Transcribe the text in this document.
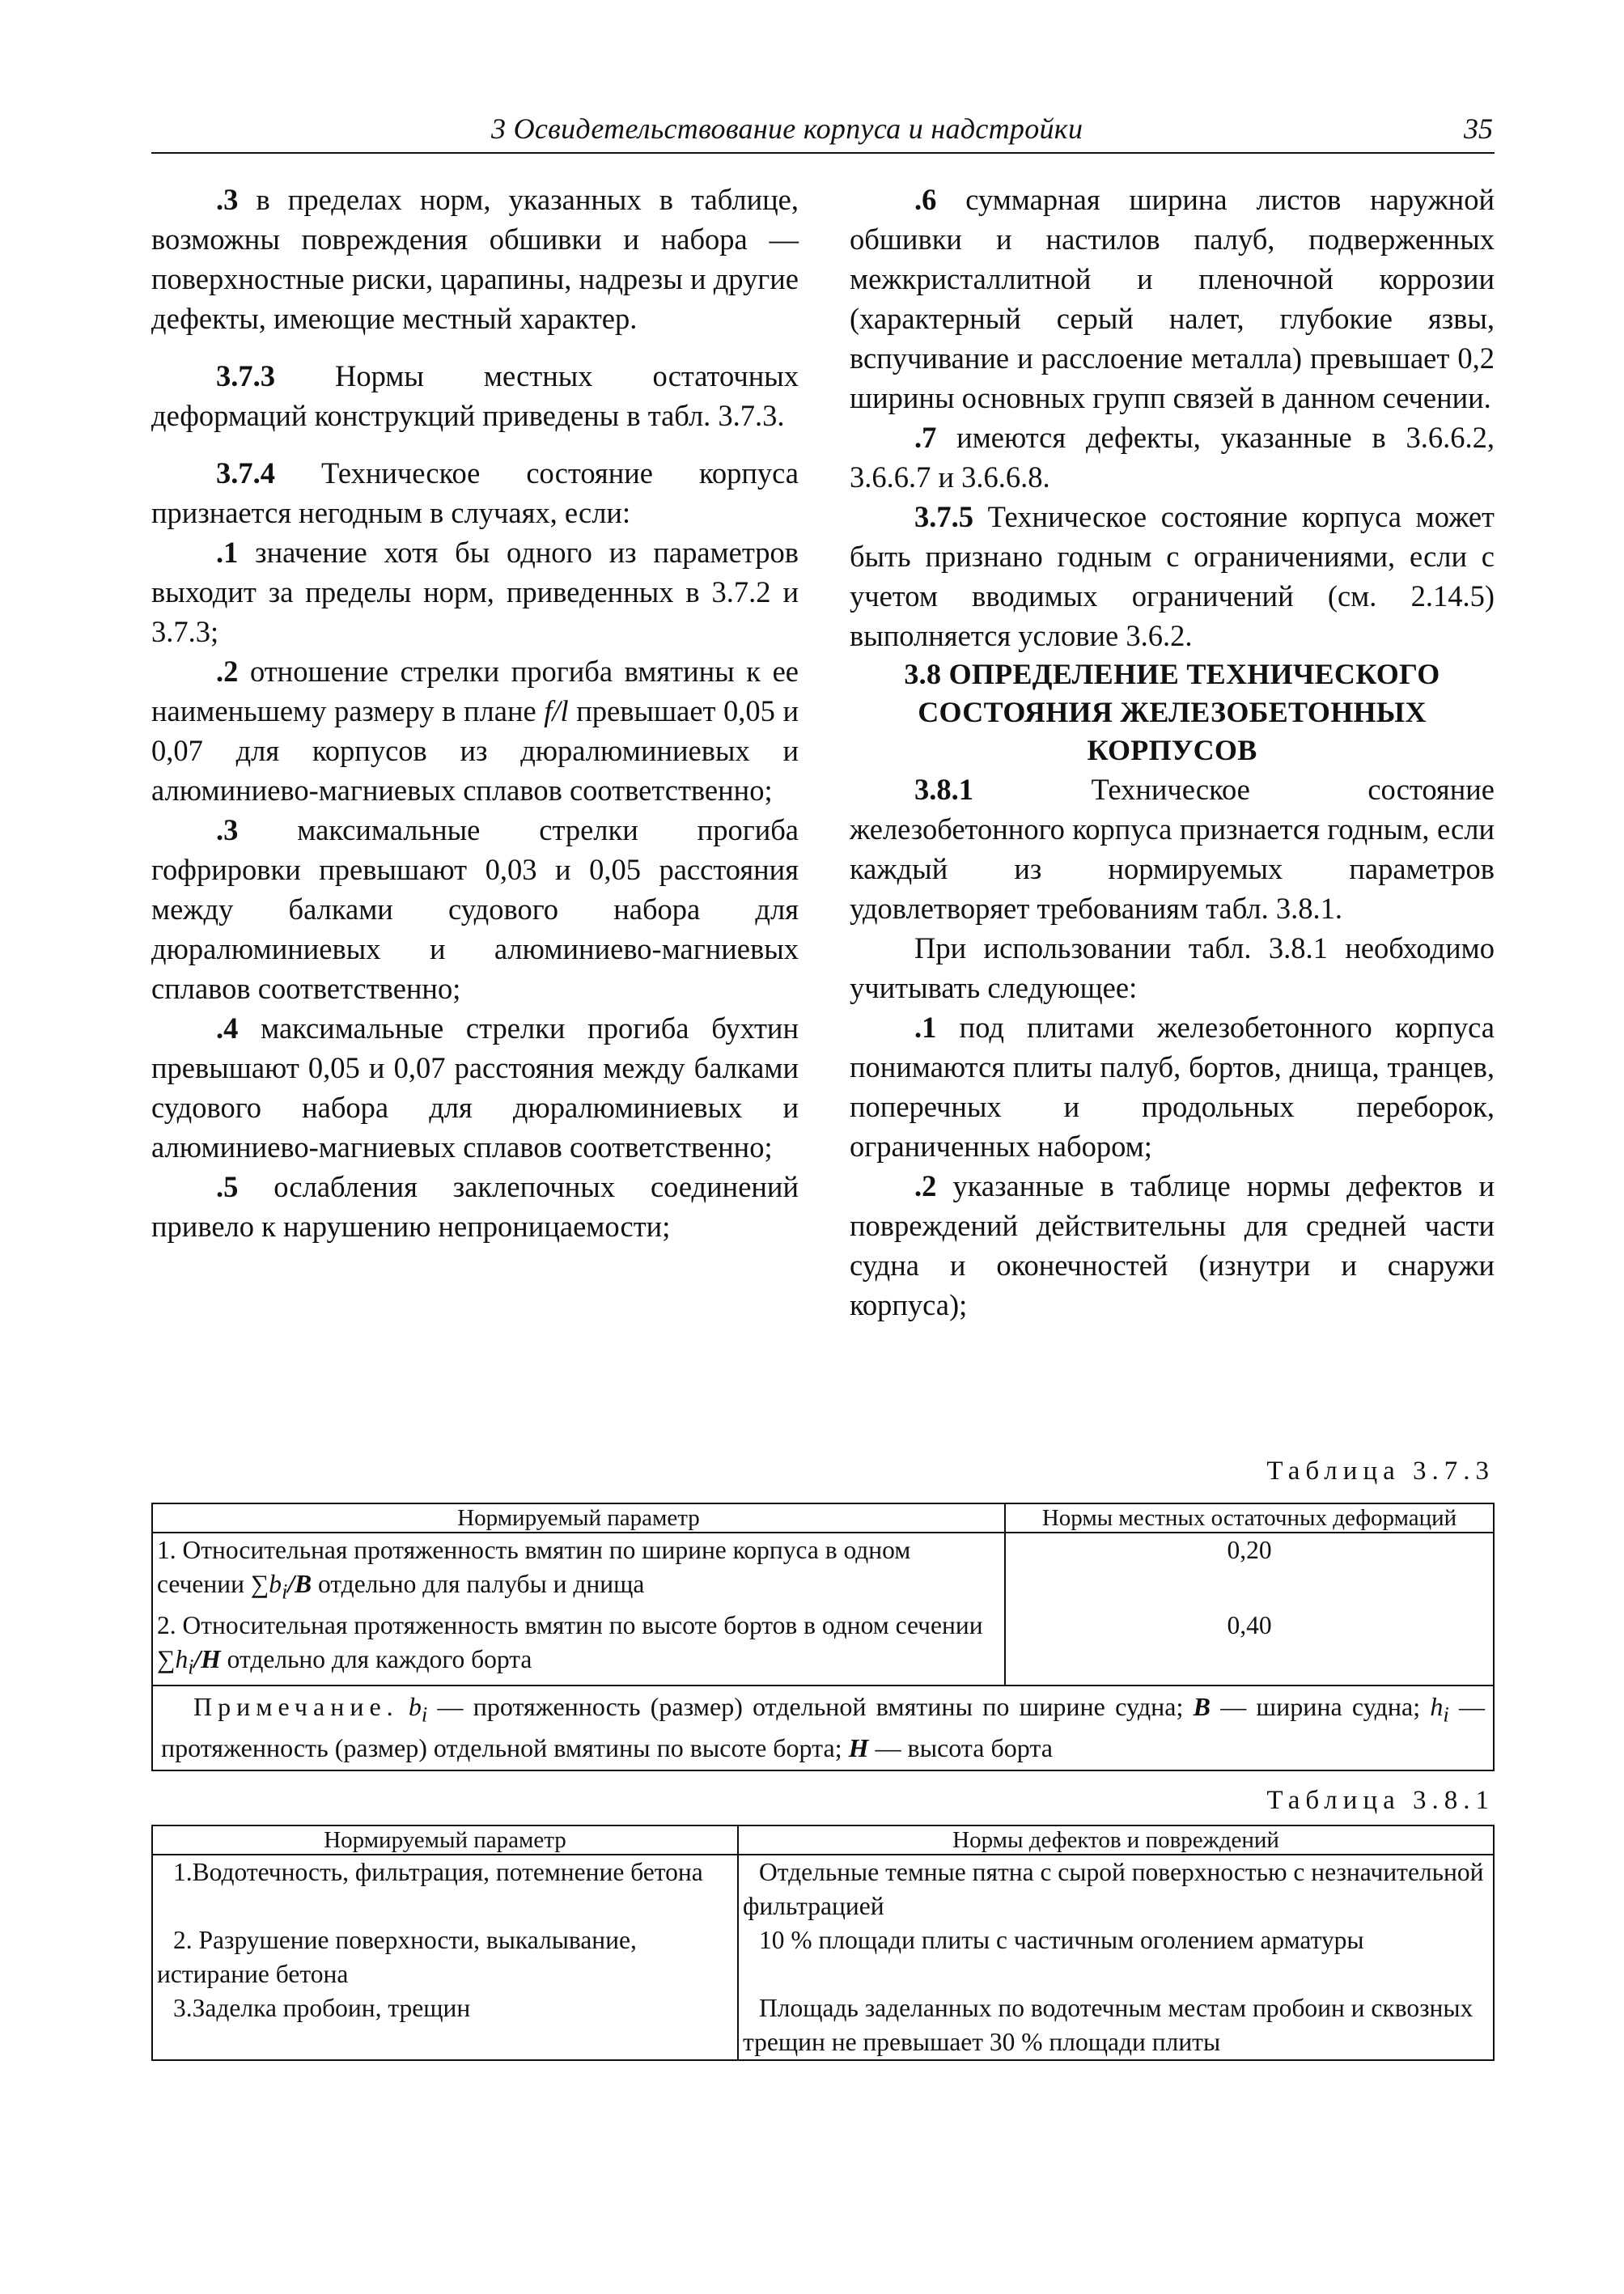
3 Освидетельствование корпуса и надстройки	35

.3 в пределах норм, указанных в таблице, возможны повреждения обшивки и набора — поверхностные риски, царапины, надрезы и другие дефекты, имеющие местный характер.

3.7.3 Нормы местных остаточных деформаций конструкций приведены в табл. 3.7.3.

3.7.4 Техническое состояние корпуса признается негодным в случаях, если:

.1 значение хотя бы одного из параметров выходит за пределы норм, приведенных в 3.7.2 и 3.7.3;

.2 отношение стрелки прогиба вмятины к ее наименьшему размеру в плане f/l превышает 0,05 и 0,07 для корпусов из дюралюминиевых и алюминиево-магниевых сплавов соответственно;

.3 максимальные стрелки прогиба гофрировки превышают 0,03 и 0,05 расстояния между балками судового набора для дюралюминиевых и алюминиево-магниевых сплавов соответственно;

.4 максимальные стрелки прогиба бухтин превышают 0,05 и 0,07 расстояния между балками судового набора для дюралюминиевых и алюминиево-магниевых сплавов соответственно;

.5 ослабления заклепочных соединений привело к нарушению непроницаемости;

.6 суммарная ширина листов наружной обшивки и настилов палуб, подверженных межкристаллитной и пленочной коррозии (характерный серый налет, глубокие язвы, вспучивание и расслоение металла) превышает 0,2 ширины основных групп связей в данном сечении.

.7 имеются дефекты, указанные в 3.6.6.2, 3.6.6.7 и 3.6.6.8.

3.7.5 Техническое состояние корпуса может быть признано годным с ограничениями, если с учетом вводимых ограничений (см. 2.14.5) выполняется условие 3.6.2.

3.8 ОПРЕДЕЛЕНИЕ ТЕХНИЧЕСКОГО СОСТОЯНИЯ ЖЕЛЕЗОБЕТОННЫХ КОРПУСОВ

3.8.1 Техническое состояние железобетонного корпуса признается годным, если каждый из нормируемых параметров удовлетворяет требованиям табл. 3.8.1.

При использовании табл. 3.8.1 необходимо учитывать следующее:

.1 под плитами железобетонного корпуса понимаются плиты палуб, бортов, днища, транцев, поперечных и продольных переборок, ограниченных набором;

.2 указанные в таблице нормы дефектов и повреждений действительны для средней части судна и оконечностей (изнутри и снаружи корпуса);

Таблица 3.7.3
Нормируемый параметр	Нормы местных остаточных деформаций
1. Относительная протяженность вмятин по ширине корпуса в одном сечении $\sum b_i/B$ отдельно для палубы и днища	0,20
2. Относительная протяженность вмятин по высоте бортов в одном сечении $\sum h_i/H$ отдельно для каждого борта	0,40
Примечание. $b_i$ — протяженность (размер) отдельной вмятины по ширине судна; B — ширина судна; $h_i$ — протяженность (размер) отдельной вмятины по высоте борта; H — высота борта	
Таблица 3.8.1
Нормируемый параметр	Нормы дефектов и повреждений
1.Водотечность, фильтрация, потемнение бетона	Отдельные темные пятна с сырой поверхностью с незначительной фильтрацией
2. Разрушение поверхности, выкалывание, истирание бетона	10 % площади плиты с частичным оголением арматуры
3.Заделка пробоин, трещин	Площадь заделанных по водотечным местам пробоин и сквозных трещин не превышает 30 % площади плиты
